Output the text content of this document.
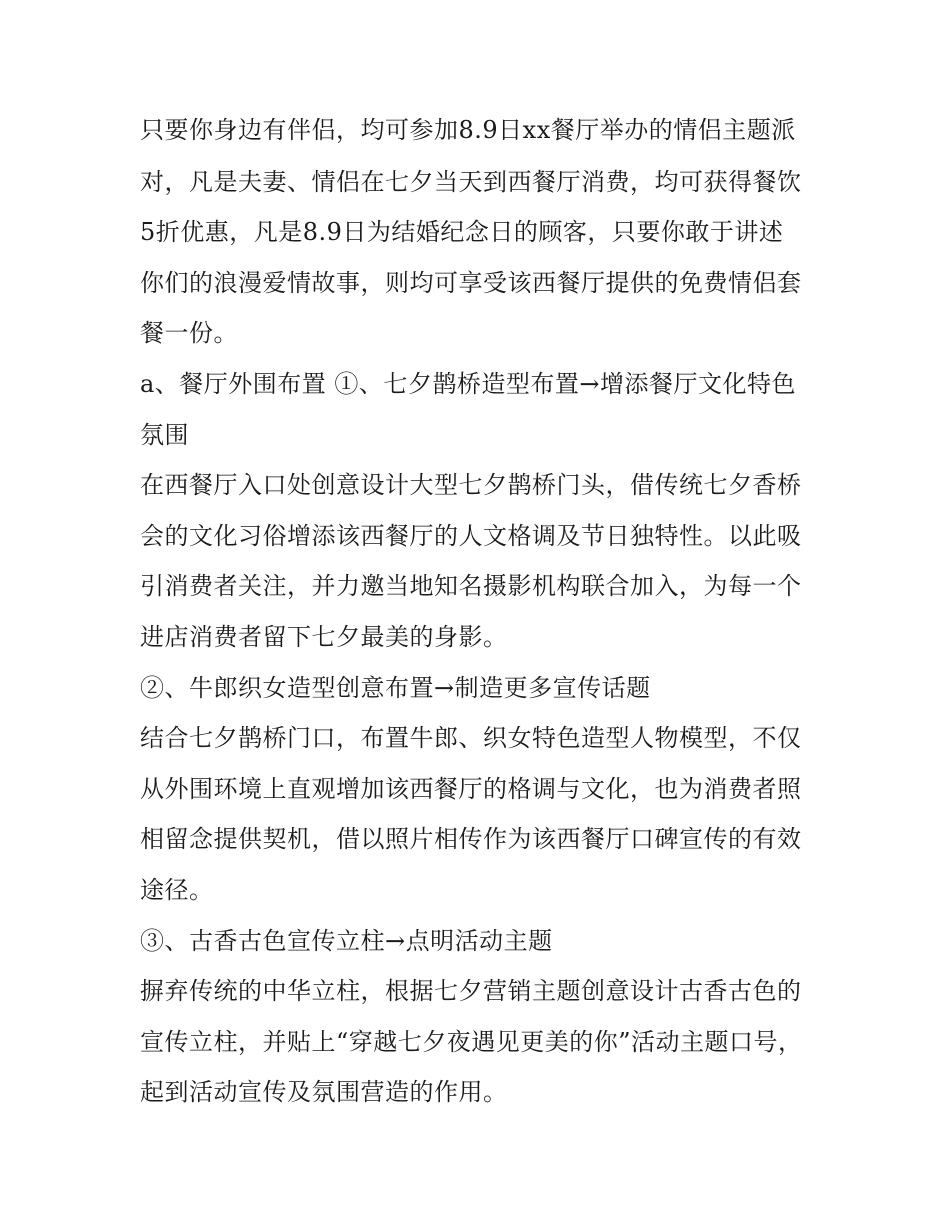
只要你身边有伴侣，均可参加8.9日xx餐厅举办的情侣主题派
对，凡是夫妻、情侣在七夕当天到西餐厅消费，均可获得餐饮
5折优惠，凡是8.9日为结婚纪念日的顾客，只要你敢于讲述
你们的浪漫爱情故事，则均可享受该西餐厅提供的免费情侣套
餐一份。
a、餐厅外围布置 ①、七夕鹊桥造型布置→增添餐厅文化特色
氛围
在西餐厅入口处创意设计大型七夕鹊桥门头，借传统七夕香桥
会的文化习俗增添该西餐厅的人文格调及节日独特性。以此吸
引消费者关注，并力邀当地知名摄影机构联合加入，为每一个
进店消费者留下七夕最美的身影。
②、牛郎织女造型创意布置→制造更多宣传话题
结合七夕鹊桥门口，布置牛郎、织女特色造型人物模型，不仅
从外围环境上直观增加该西餐厅的格调与文化，也为消费者照
相留念提供契机，借以照片相传作为该西餐厅口碑宣传的有效
途径。
③、古香古色宣传立柱→点明活动主题
摒弃传统的中华立柱，根据七夕营销主题创意设计古香古色的
宣传立柱，并贴上“穿越七夕夜遇见更美的你”活动主题口号，
起到活动宣传及氛围营造的作用。
